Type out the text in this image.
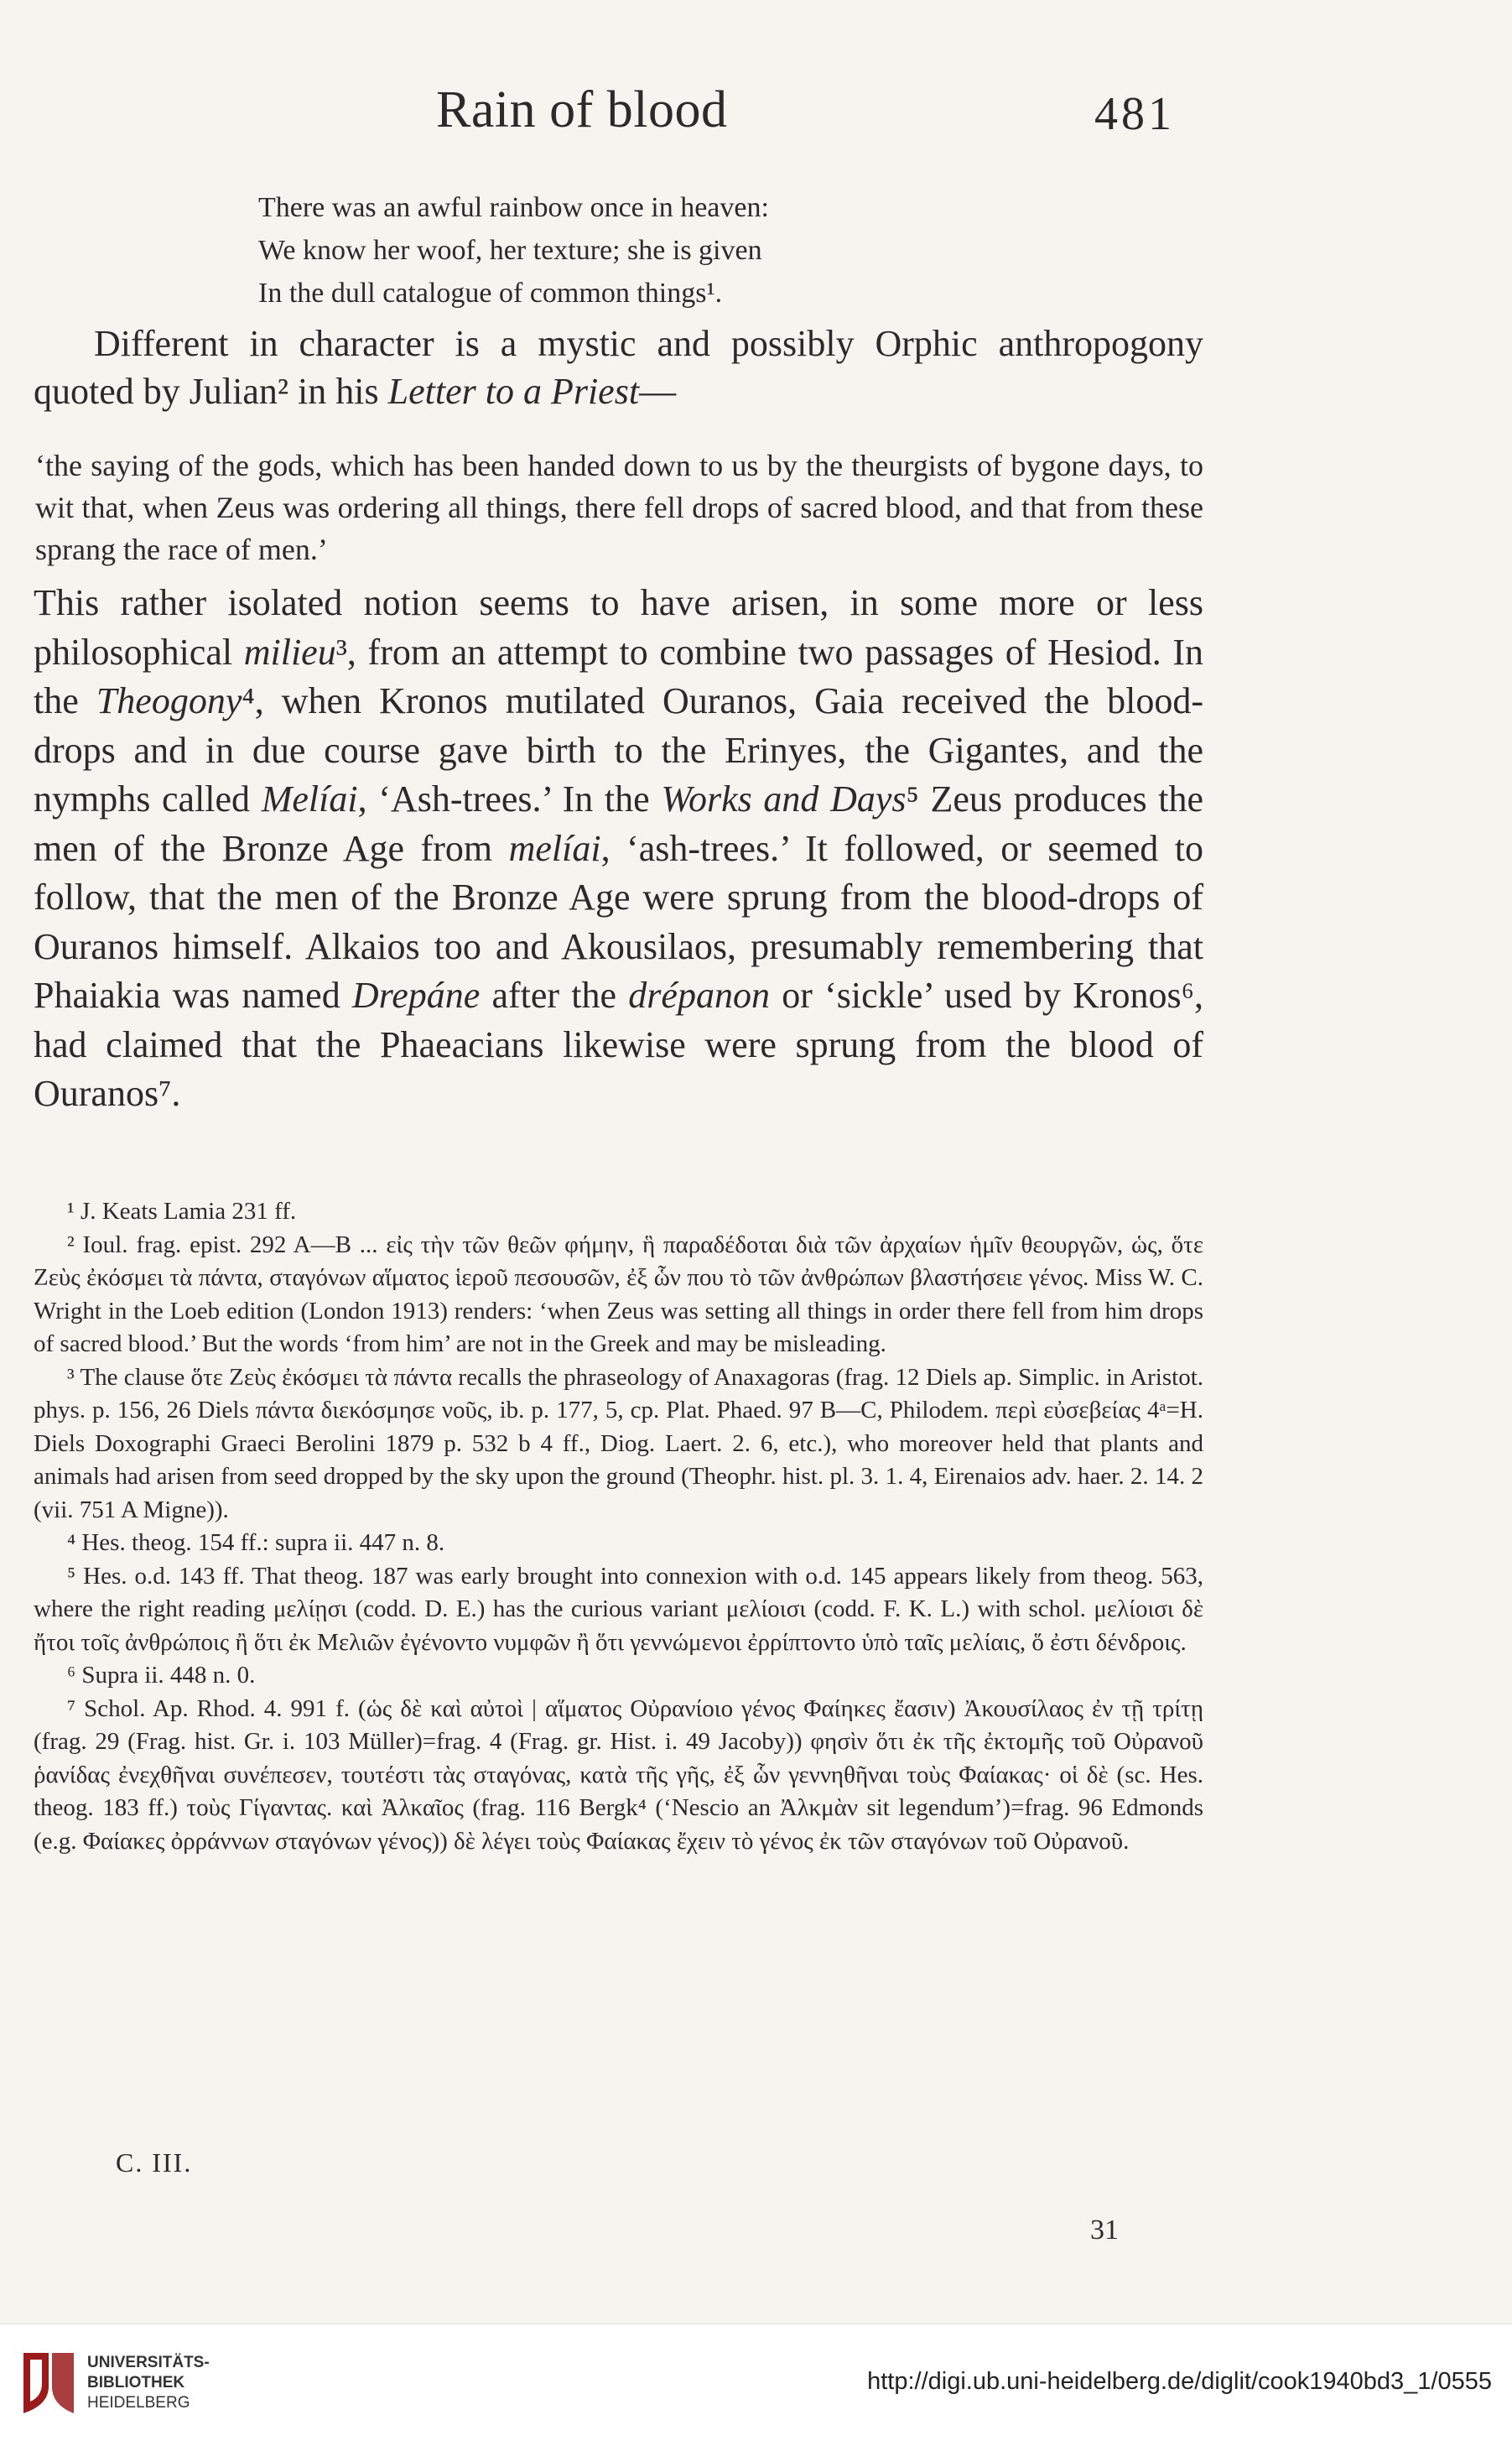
Rain of blood	481
There was an awful rainbow once in heaven:
We know her woof, her texture; she is given
In the dull catalogue of common things¹.
Different in character is a mystic and possibly Orphic anthropogony quoted by Julian² in his Letter to a Priest—
‘the saying of the gods, which has been handed down to us by the theurgists of bygone days, to wit that, when Zeus was ordering all things, there fell drops of sacred blood, and that from these sprang the race of men.’
This rather isolated notion seems to have arisen, in some more or less philosophical milieu³, from an attempt to combine two passages of Hesiod. In the Theogony⁴, when Kronos mutilated Ouranos, Gaia received the blood-drops and in due course gave birth to the Erinyes, the Gigantes, and the nymphs called Melíai, ‘Ash-trees.’ In the Works and Days⁵ Zeus produces the men of the Bronze Age from melíai, ‘ash-trees.’ It followed, or seemed to follow, that the men of the Bronze Age were sprung from the blood-drops of Ouranos himself. Alkaios too and Akousilaos, presumably remembering that Phaiakia was named Drepáne after the drépanon or ‘sickle’ used by Kronos⁶, had claimed that the Phaeacians likewise were sprung from the blood of Ouranos⁷.

¹ J. Keats Lamia 231 ff.

² Ioul. frag. epist. 292 A—B ... εἰς τὴν τῶν θεῶν φήμην, ἣ παραδέδοται διὰ τῶν ἀρχαίων ἡμῖν θεουργῶν, ὡς, ὅτε Ζεὺς ἐκόσμει τὰ πάντα, σταγόνων αἵματος ἱεροῦ πεσουσῶν, ἐξ ὧν που τὸ τῶν ἀνθρώπων βλαστήσειε γένος. Miss W. C. Wright in the Loeb edition (London 1913) renders: ‘when Zeus was setting all things in order there fell from him drops of sacred blood.’ But the words ‘from him’ are not in the Greek and may be misleading.

³ The clause ὅτε Ζεὺς ἐκόσμει τὰ πάντα recalls the phraseology of Anaxagoras (frag. 12 Diels ap. Simplic. in Aristot. phys. p. 156, 26 Diels πάντα διεκόσμησε νοῦς, ib. p. 177, 5, cp. Plat. Phaed. 97 B—C, Philodem. περὶ εὐσεβείας 4ᵃ=H. Diels Doxographi Graeci Berolini 1879 p. 532 b 4 ff., Diog. Laert. 2. 6, etc.), who moreover held that plants and animals had arisen from seed dropped by the sky upon the ground (Theophr. hist. pl. 3. 1. 4, Eirenaios adv. haer. 2. 14. 2 (vii. 751 A Migne)).

⁴ Hes. theog. 154 ff.: supra ii. 447 n. 8.

⁵ Hes. o.d. 143 ff. That theog. 187 was early brought into connexion with o.d. 145 appears likely from theog. 563, where the right reading μελίῃσι (codd. D. E.) has the curious variant μελίοισι (codd. F. K. L.) with schol. μελίοισι δὲ ἤτοι τοῖς ἀνθρώποις ἢ ὅτι ἐκ Μελιῶν ἐγένοντο νυμφῶν ἢ ὅτι γεννώμενοι ἐρρίπτοντο ὑπὸ ταῖς μελίαις, ὅ ἐστι δένδροις.

⁶ Supra ii. 448 n. 0.

⁷ Schol. Ap. Rhod. 4. 991 f. (ὡς δὲ καὶ αὐτοὶ | αἵματος Οὐρανίοιο γένος Φαίηκες ἔασιν) Ἀκουσίλαος ἐν τῇ τρίτῃ (frag. 29 (Frag. hist. Gr. i. 103 Müller)=frag. 4 (Frag. gr. Hist. i. 49 Jacoby)) φησὶν ὅτι ἐκ τῆς ἐκτομῆς τοῦ Οὐρανοῦ ῥανίδας ἐνεχθῆναι συνέπεσεν, τουτέστι τὰς σταγόνας, κατὰ τῆς γῆς, ἐξ ὧν γεννηθῆναι τοὺς Φαίακας· οἱ δὲ (sc. Hes. theog. 183 ff.) τοὺς Γίγαντας. καὶ Ἀλκαῖος (frag. 116 Bergk⁴ (‘Nescio an Ἀλκμὰν sit legendum’)=frag. 96 Edmonds (e.g. Φαίακες ὀρράννων σταγόνων γένος)) δὲ λέγει τοὺς Φαίακας ἔχειν τὸ γένος ἐκ τῶν σταγόνων τοῦ Οὐρανοῦ.

C. III.
31
UNIVERSITÄTS-
BIBLIOTHEK
HEIDELBERG
http://digi.ub.uni-heidelberg.de/diglit/cook1940bd3_1/0555
